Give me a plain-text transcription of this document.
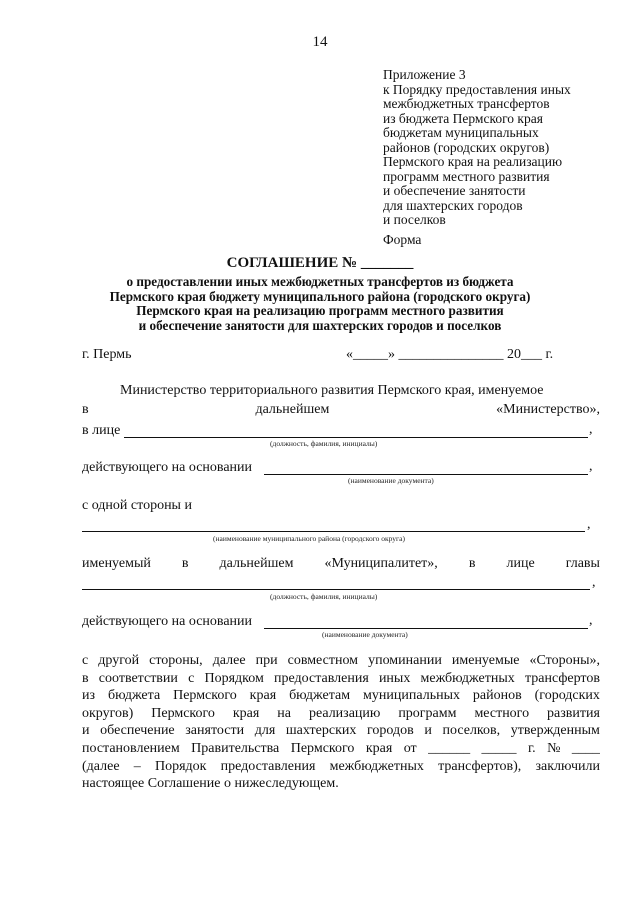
14
Приложение 3
к Порядку предоставления иных
межбюджетных трансфертов
из бюджета Пермского края
бюджетам муниципальных
районов (городских округов)
Пермского края на реализацию
программ местного развития
и обеспечение занятости
для шахтерских городов
и поселков
Форма
СОГЛАШЕНИЕ № _______
о предоставлении иных межбюджетных трансфертов из бюджета
Пермского края бюджету муниципального района (городского округа)
Пермского края на реализацию программ местного развития
и обеспечение занятости для шахтерских городов и поселков
г. Пермь	«_____» _______________ 20___ г.
Министерство территориального развития Пермского края, именуемое
в	дальнейшем	«Министерство»,
в лице	,
(должность, фамилия, инициалы)
действующего на основании	,
(наименование документа)
с одной стороны и
,
(наименование муниципального района (городского округа)
именуемый в дальнейшем «Муниципалитет», в лице главы
,
(должность, фамилия, инициалы)
действующего на основании	,
(наименование документа)
с другой стороны, далее при совместном упоминании именуемые «Стороны»,
в соответствии с Порядком предоставления иных межбюджетных трансфертов
из бюджета Пермского края бюджетам муниципальных районов (городских
округов) Пермского края на реализацию программ местного развития
и обеспечение занятости для шахтерских городов и поселков, утвержденным
постановлением Правительства Пермского края от ______ _____ г. № ____
(далее – Порядок предоставления межбюджетных трансфертов), заключили
настоящее Соглашение о нижеследующем.
